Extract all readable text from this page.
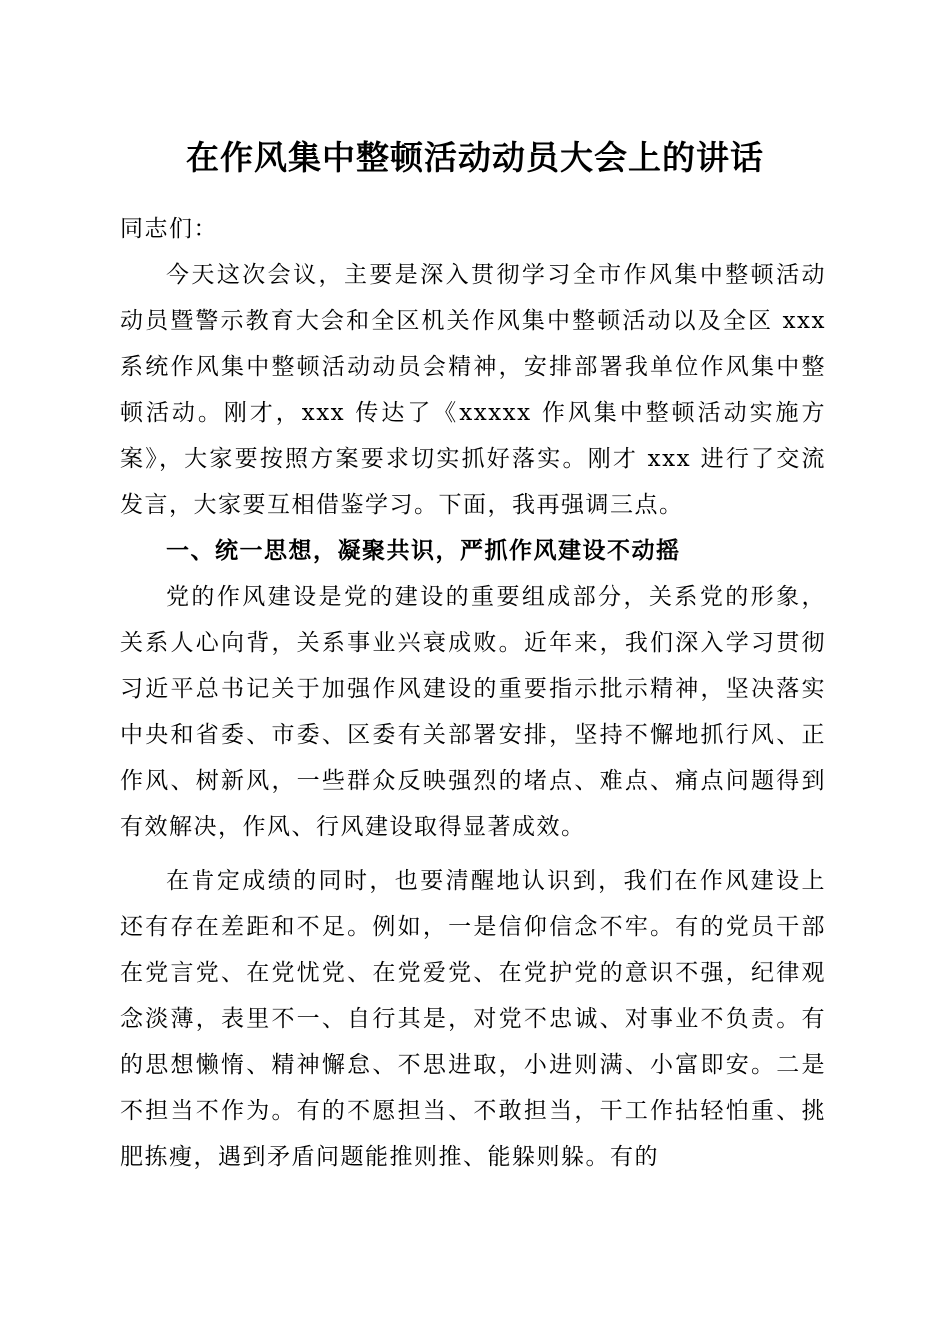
在作风集中整顿活动动员大会上的讲话

同志们：

今天这次会议，主要是深入贯彻学习全市作风集中整顿活动动员暨警示教育大会和全区机关作风集中整顿活动以及全区 xxx 系统作风集中整顿活动动员会精神，安排部署我单位作风集中整顿活动。刚才，xxx 传达了《xxxxx 作风集中整顿活动实施方案》，大家要按照方案要求切实抓好落实。刚才 xxx 进行了交流发言，大家要互相借鉴学习。下面，我再强调三点。

一、统一思想，凝聚共识，严抓作风建设不动摇

党的作风建设是党的建设的重要组成部分，关系党的形象，关系人心向背，关系事业兴衰成败。近年来，我们深入学习贯彻习近平总书记关于加强作风建设的重要指示批示精神，坚决落实中央和省委、市委、区委有关部署安排，坚持不懈地抓行风、正作风、树新风，一些群众反映强烈的堵点、难点、痛点问题得到有效解决，作风、行风建设取得显著成效。

在肯定成绩的同时，也要清醒地认识到，我们在作风建设上还有存在差距和不足。例如，一是信仰信念不牢。有的党员干部在党言党、在党忧党、在党爱党、在党护党的意识不强，纪律观念淡薄，表里不一、自行其是，对党不忠诚、对事业不负责。有的思想懒惰、精神懈怠、不思进取，小进则满、小富即安。二是不担当不作为。有的不愿担当、不敢担当，干工作拈轻怕重、挑肥拣瘦，遇到矛盾问题能推则推、能躲则躲。有的
